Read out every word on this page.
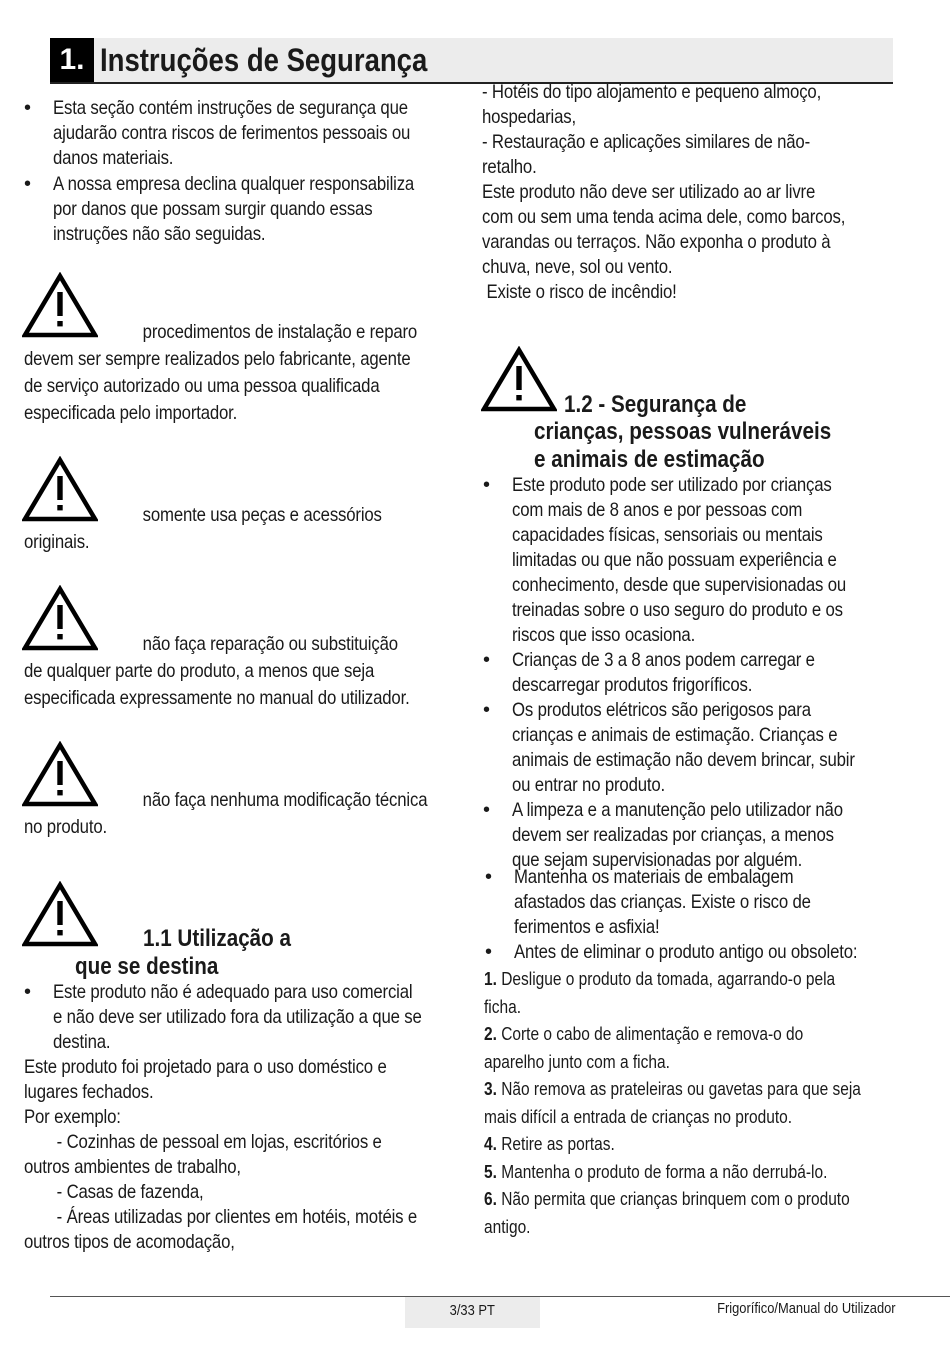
1. Instruções de Segurança
• Esta seção contém instruções de segurança que
ajudarão contra riscos de ferimentos pessoais ou
danos materiais.
• A nossa empresa declina qualquer responsabiliza
por danos que possam surgir quando essas
instruções não são seguidas.
procedimentos de instalação e reparo
devem ser sempre realizados pelo fabricante, agente
de serviço autorizado ou uma pessoa qualificada
especificada pelo importador.
somente usa peças e acessórios
originais.
não faça reparação ou substituição
de qualquer parte do produto, a menos que seja
especificada expressamente no manual do utilizador.
não faça nenhuma modificação técnica
no produto.
1.1 Utilização a
que se destina
• Este produto não é adequado para uso comercial
e não deve ser utilizado fora da utilização a que se
destina.
Este produto foi projetado para o uso doméstico e
lugares fechados.
Por exemplo:
- Cozinhas de pessoal em lojas, escritórios e
outros ambientes de trabalho,
- Casas de fazenda,
- Áreas utilizadas por clientes em hotéis, motéis e
outros tipos de acomodação,
- Hotéis do tipo alojamento e pequeno almoço,
hospedarias,
- Restauração e aplicações similares de não-
retalho.
Este produto não deve ser utilizado ao ar livre
com ou sem uma tenda acima dele, como barcos,
varandas ou terraços. Não exponha o produto à
chuva, neve, sol ou vento.
Existe o risco de incêndio!
1.2 - Segurança de
crianças, pessoas vulneráveis
e animais de estimação
• Este produto pode ser utilizado por crianças
com mais de 8 anos e por pessoas com
capacidades físicas, sensoriais ou mentais
limitadas ou que não possuam experiência e
conhecimento, desde que supervisionadas ou
treinadas sobre o uso seguro do produto e os
riscos que isso ocasiona.
• Crianças de 3 a 8 anos podem carregar e
descarregar produtos frigoríficos.
• Os produtos elétricos são perigosos para
crianças e animais de estimação. Crianças e
animais de estimação não devem brincar, subir
ou entrar no produto.
• A limpeza e a manutenção pelo utilizador não
devem ser realizadas por crianças, a menos
que sejam supervisionadas por alguém.
• Mantenha os materiais de embalagem
afastados das crianças. Existe o risco de
ferimentos e asfixia!
• Antes de eliminar o produto antigo ou obsoleto:
1. Desligue o produto da tomada, agarrando-o pela
ficha.
2. Corte o cabo de alimentação e remova-o do
aparelho junto com a ficha.
3. Não remova as prateleiras ou gavetas para que seja
mais difícil a entrada de crianças no produto.
4. Retire as portas.
5. Mantenha o produto de forma a não derrubá-lo.
6. Não permita que crianças brinquem com o produto
antigo.
3/33 PT	Frigorífico/Manual do Utilizador
